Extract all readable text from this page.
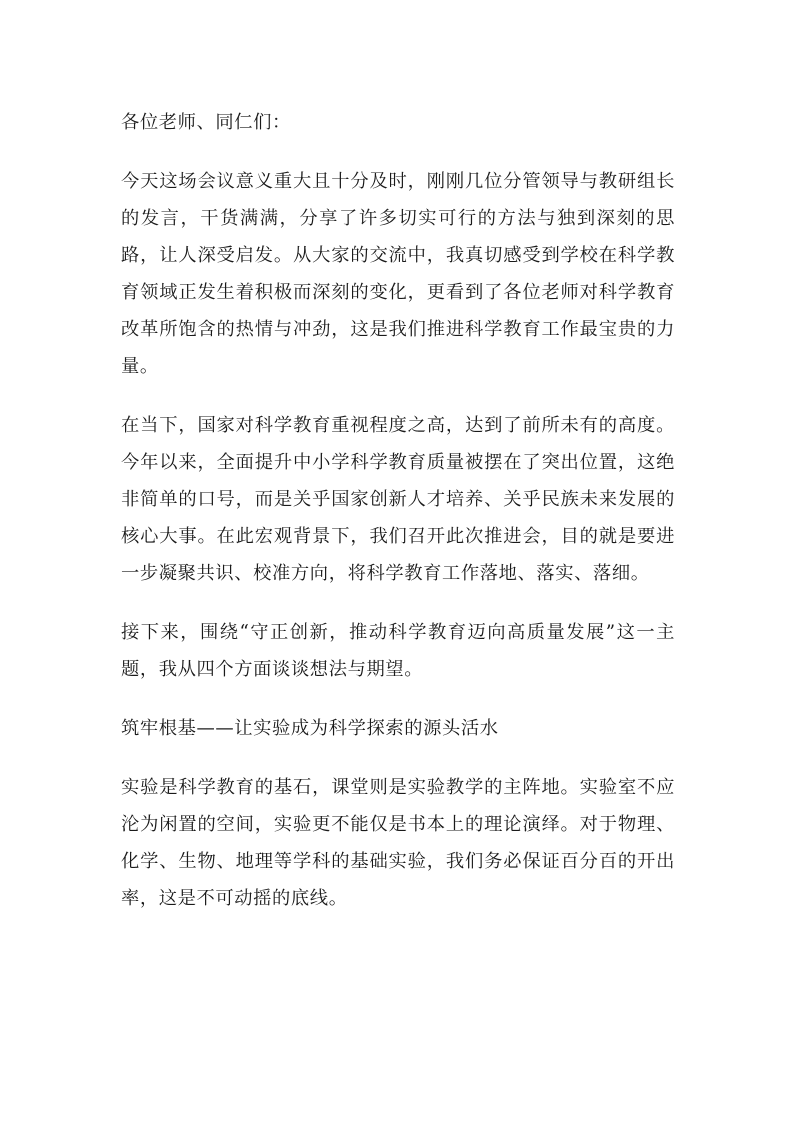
各位老师、同仁们：

今天这场会议意义重大且十分及时，刚刚几位分管领导与教研组长的发言，干货满满，分享了许多切实可行的方法与独到深刻的思路，让人深受启发。从大家的交流中，我真切感受到学校在科学教育领域正发生着积极而深刻的变化，更看到了各位老师对科学教育改革所饱含的热情与冲劲，这是我们推进科学教育工作最宝贵的力量。

在当下，国家对科学教育重视程度之高，达到了前所未有的高度。今年以来，全面提升中小学科学教育质量被摆在了突出位置，这绝非简单的口号，而是关乎国家创新人才培养、关乎民族未来发展的核心大事。在此宏观背景下，我们召开此次推进会，目的就是要进一步凝聚共识、校准方向，将科学教育工作落地、落实、落细。

接下来，围绕“守正创新，推动科学教育迈向高质量发展”这一主题，我从四个方面谈谈想法与期望。

筑牢根基——让实验成为科学探索的源头活水

实验是科学教育的基石，课堂则是实验教学的主阵地。实验室不应沦为闲置的空间，实验更不能仅是书本上的理论演绎。对于物理、化学、生物、地理等学科的基础实验，我们务必保证百分百的开出率，这是不可动摇的底线。
